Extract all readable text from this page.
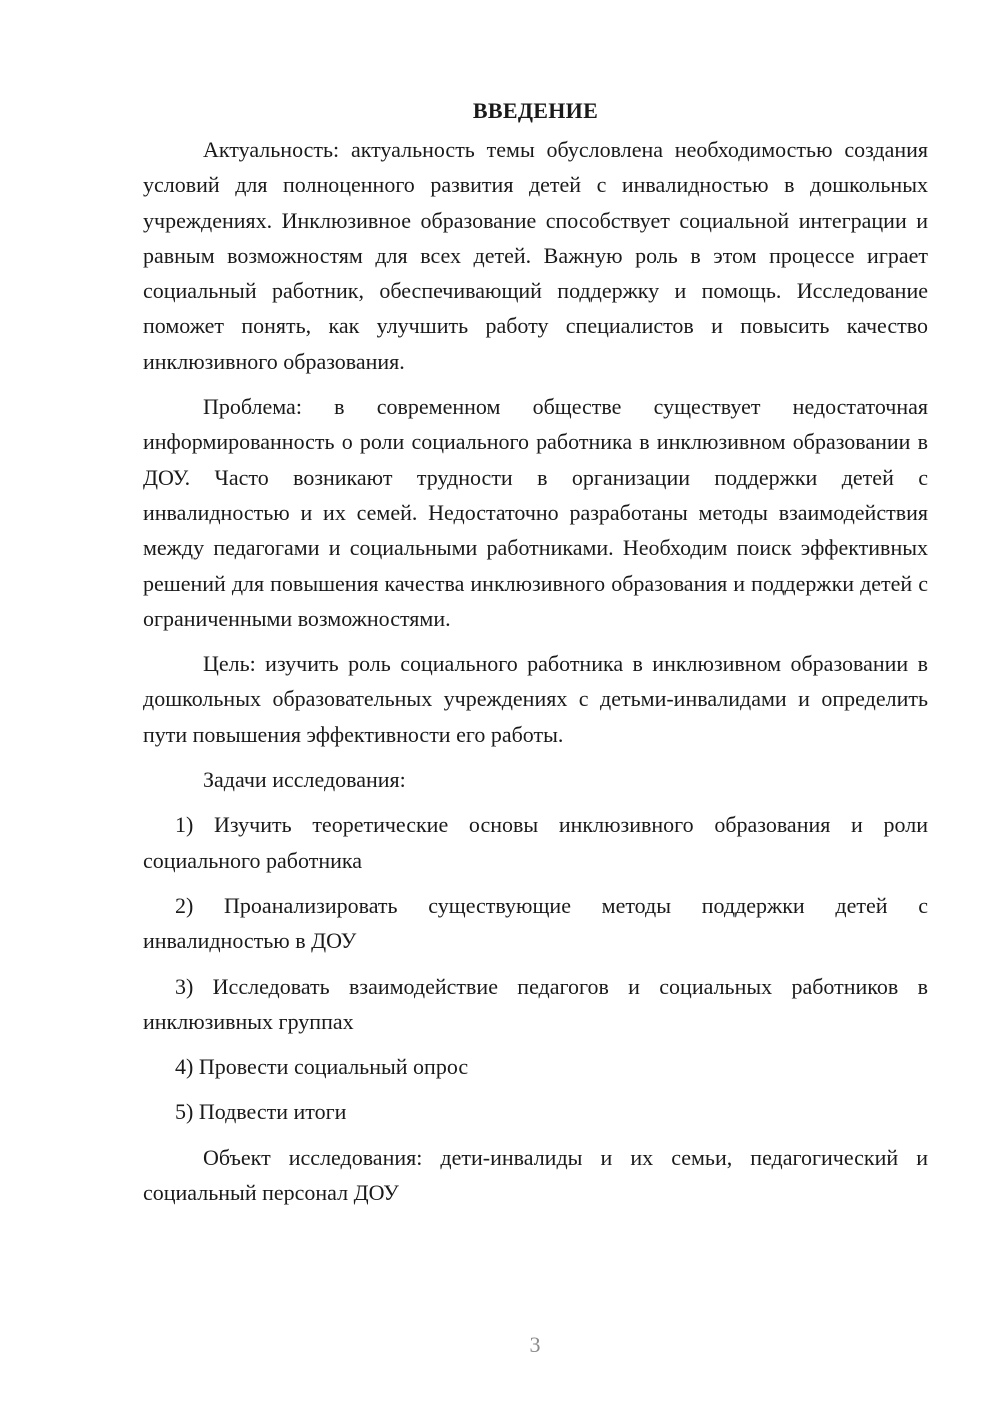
ВВЕДЕНИЕ

Актуальность: актуальность темы обусловлена необходимостью создания условий для полноценного развития детей с инвалидностью в дошкольных учреждениях. Инклюзивное образование способствует социальной интеграции и равным возможностям для всех детей. Важную роль в этом процессе играет социальный работник, обеспечивающий поддержку и помощь. Исследование поможет понять, как улучшить работу специалистов и повысить качество инклюзивного образования.

Проблема: в современном обществе существует недостаточная информированность о роли социального работника в инклюзивном образовании в ДОУ. Часто возникают трудности в организации поддержки детей с инвалидностью и их семей. Недостаточно разработаны методы взаимодействия между педагогами и социальными работниками. Необходим поиск эффективных решений для повышения качества инклюзивного образования и поддержки детей с ограниченными возможностями.

Цель: изучить роль социального работника в инклюзивном образовании в дошкольных образовательных учреждениях с детьми-инвалидами и определить пути повышения эффективности его работы.

Задачи исследования:

1) Изучить теоретические основы инклюзивного образования и роли социального работника

2) Проанализировать существующие методы поддержки детей с инвалидностью в ДОУ

3) Исследовать взаимодействие педагогов и социальных работников в инклюзивных группах

4) Провести социальный опрос

5) Подвести итоги

Объект исследования: дети-инвалиды и их семьи, педагогический и социальный персонал ДОУ

3
